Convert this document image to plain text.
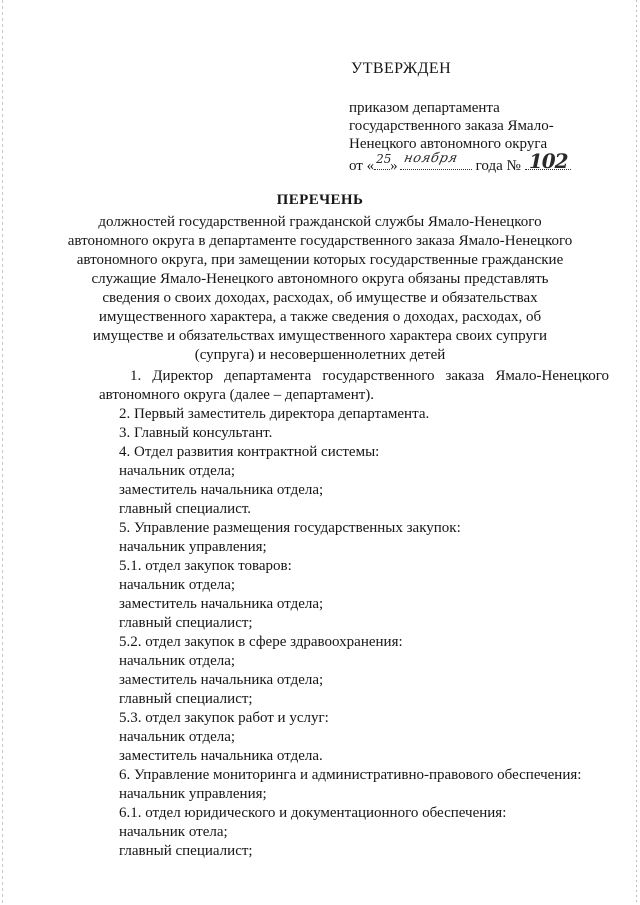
УТВЕРЖДЕН
приказом департамента
государственного заказа Ямало-
Ненецкого автономного округа
от « 25
» ноября года № 102
ПЕРЕЧЕНЬ
должностей государственной гражданской службы Ямало-Ненецкого
автономного округа в департаменте государственного заказа Ямало-Ненецкого
автономного округа, при замещении которых государственные гражданские
служащие Ямало-Ненецкого автономного округа обязаны представлять
сведения о своих доходах, расходах, об имуществе и обязательствах
имущественного характера, а также сведения о доходах, расходах, об
имуществе и обязательствах имущественного характера своих супруги
(супруга) и несовершеннолетних детей
1. Директор департамента государственного заказа Ямало-Ненецкого
автономного округа (далее – департамент).
2. Первый заместитель директора департамента.
3. Главный консультант.
4. Отдел развития контрактной системы:
начальник отдела;
заместитель начальника отдела;
главный специалист.
5. Управление размещения государственных закупок:
начальник управления;
5.1. отдел закупок товаров:
начальник отдела;
заместитель начальника отдела;
главный специалист;
5.2. отдел закупок в сфере здравоохранения:
начальник отдела;
заместитель начальника отдела;
главный специалист;
5.3. отдел закупок работ и услуг:
начальник отдела;
заместитель начальника отдела.
6. Управление мониторинга и административно-правового обеспечения:
начальник управления;
6.1. отдел юридического и документационного обеспечения:
начальник отела;
главный специалист;
